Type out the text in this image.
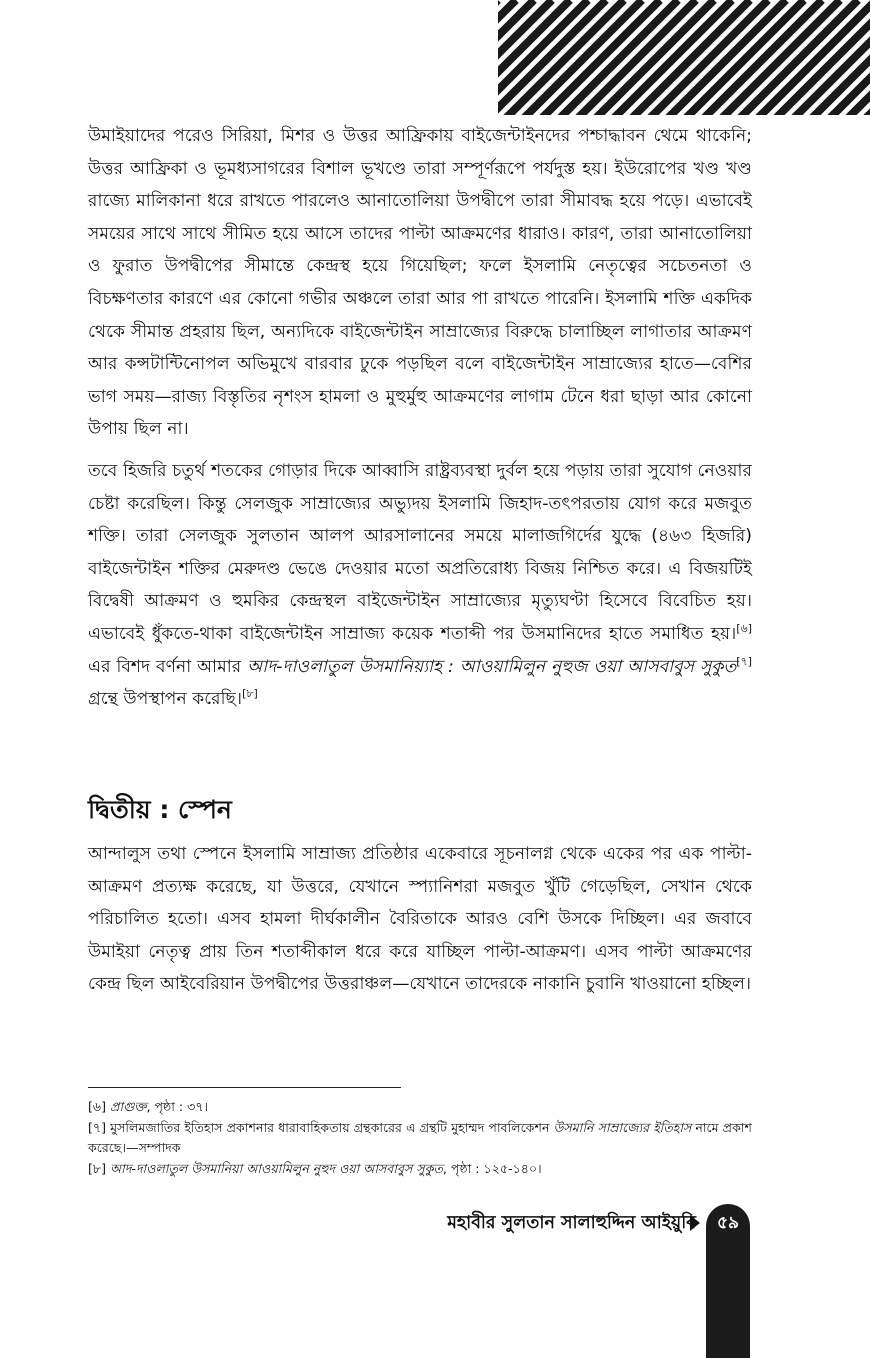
উমাইয়াদের পরেও সিরিয়া, মিশর ও উত্তর আফ্রিকায় বাইজেন্টাইনদের পশ্চাদ্ধাবন থেমে থাকেনি; উত্তর আফ্রিকা ও ভূমধ্যসাগরের বিশাল ভূখণ্ডে তারা সম্পূর্ণরূপে পর্যদুস্ত হয়। ইউরোপের খণ্ড খণ্ড রাজ্যে মালিকানা ধরে রাখতে পারলেও আনাতোলিয়া উপদ্বীপে তারা সীমাবদ্ধ হয়ে পড়ে। এভাবেই সময়ের সাথে সাথে সীমিত হয়ে আসে তাদের পাল্টা আক্রমণের ধারাও। কারণ, তারা আনাতোলিয়া ও ফুরাত উপদ্বীপের সীমান্তে কেন্দ্রস্থ হয়ে গিয়েছিল; ফলে ইসলামি নেতৃত্বের সচেতনতা ও বিচক্ষণতার কারণে এর কোনো গভীর অঞ্চলে তারা আর পা রাখতে পারেনি। ইসলামি শক্তি একদিক থেকে সীমান্ত প্রহরায় ছিল, অন্যদিকে বাইজেন্টাইন সাম্রাজ্যের বিরুদ্ধে চালাচ্ছিল লাগাতার আক্রমণ আর কন্সটান্টিনোপল অভিমুখে বারবার ঢুকে পড়ছিল বলে বাইজেন্টাইন সাম্রাজ্যের হাতে—বেশির ভাগ সময়—রাজ্য বিস্তৃতির নৃশংস হামলা ও মুহুর্মুহু আক্রমণের লাগাম টেনে ধরা ছাড়া আর কোনো উপায় ছিল না।

তবে হিজরি চতুর্থ শতকের গোড়ার দিকে আব্বাসি রাষ্ট্রব্যবস্থা দুর্বল হয়ে পড়ায় তারা সুযোগ নেওয়ার চেষ্টা করেছিল। কিন্তু সেলজুক সাম্রাজ্যের অভ্যুদয় ইসলামি জিহাদ-তৎপরতায় যোগ করে মজবুত শক্তি। তারা সেলজুক সুলতান আলপ আরসালানের সময়ে মালাজগির্দের যুদ্ধে (৪৬৩ হিজরি) বাইজেন্টাইন শক্তির মেরুদণ্ড ভেঙে দেওয়ার মতো অপ্রতিরোধ্য বিজয় নিশ্চিত করে। এ বিজয়টিই বিদ্বেষী আক্রমণ ও হুমকির কেন্দ্রস্থল বাইজেন্টাইন সাম্রাজ্যের মৃত্যুঘণ্টা হিসেবে বিবেচিত হয়। এভাবেই ধুঁকতে-থাকা বাইজেন্টাইন সাম্রাজ্য কয়েক শতাব্দী পর উসমানিদের হাতে সমাধিত হয়।[৬] এর বিশদ বর্ণনা আমার আদ-দাওলাতুল উসমানিয়্যাহ : আওয়ামিলুন নুহুজ ওয়া আসবাবুস সুকুত[৭] গ্রন্থে উপস্থাপন করেছি।[৮]

দ্বিতীয় : স্পেন

আন্দালুস তথা স্পেনে ইসলামি সাম্রাজ্য প্রতিষ্ঠার একেবারে সূচনালগ্ন থেকে একের পর এক পাল্টা-আক্রমণ প্রত্যক্ষ করেছে, যা উত্তরে, যেখানে স্প্যানিশরা মজবুত খুঁটি গেড়েছিল, সেখান থেকে পরিচালিত হতো। এসব হামলা দীর্ঘকালীন বৈরিতাকে আরও বেশি উসকে দিচ্ছিল। এর জবাবে উমাইয়া নেতৃত্ব প্রায় তিন শতাব্দীকাল ধরে করে যাচ্ছিল পাল্টা-আক্রমণ। এসব পাল্টা আক্রমণের কেন্দ্র ছিল আইবেরিয়ান উপদ্বীপের উত্তরাঞ্চল—যেখানে তাদেরকে নাকানি চুবানি খাওয়ানো হচ্ছিল।

[৬] প্রাগুক্ত, পৃষ্ঠা : ৩৭।

[৭] মুসলিমজাতির ইতিহাস প্রকাশনার ধারাবাহিকতায় গ্রন্থকারের এ গ্রন্থটি মুহাম্মদ পাবলিকেশন উসমানি সাম্রাজ্যের ইতিহাস নামে প্রকাশ করেছে।—সম্পাদক

[৮] আদ-দাওলাতুল উসমানিয়া আওয়ামিলুন নুহুদ ওয়া আসবাবুস সুকুত, পৃষ্ঠা : ১২৫-১৪০।

মহাবীর সুলতান সালাহুদ্দিন আইয়ুবি	৫৯
